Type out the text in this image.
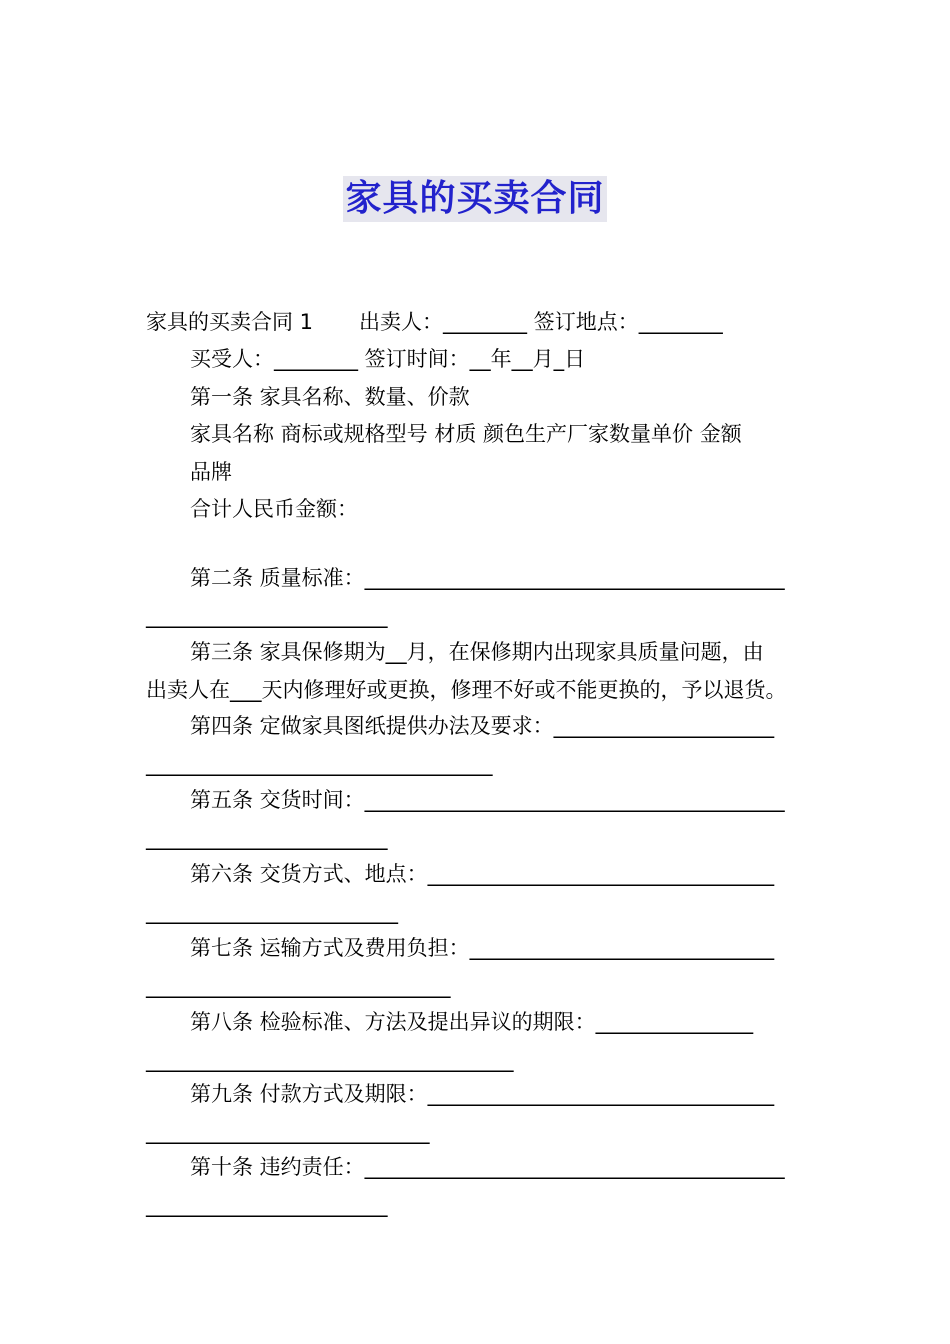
家具的买卖合同
家具的买卖合同 1 出卖人：________ 签订地点：________
买受人：________ 签订时间：__年__月_日
第一条 家具名称、数量、价款
家具名称 商标或规格型号 材质 颜色生产厂家数量单价 金额
品牌
合计人民币金额：
第二条 质量标准：________________________________________
_______________________
第三条 家具保修期为__月，在保修期内出现家具质量问题，由
出卖人在___天内修理好或更换，修理不好或不能更换的，予以退货。
第四条 定做家具图纸提供办法及要求：_____________________
_________________________________
第五条 交货时间：________________________________________
_______________________
第六条 交货方式、地点：_________________________________
________________________
第七条 运输方式及费用负担：_____________________________
_____________________________
第八条 检验标准、方法及提出异议的期限：_______________
___________________________________
第九条 付款方式及期限：_________________________________
___________________________
第十条 违约责任：________________________________________
_______________________
